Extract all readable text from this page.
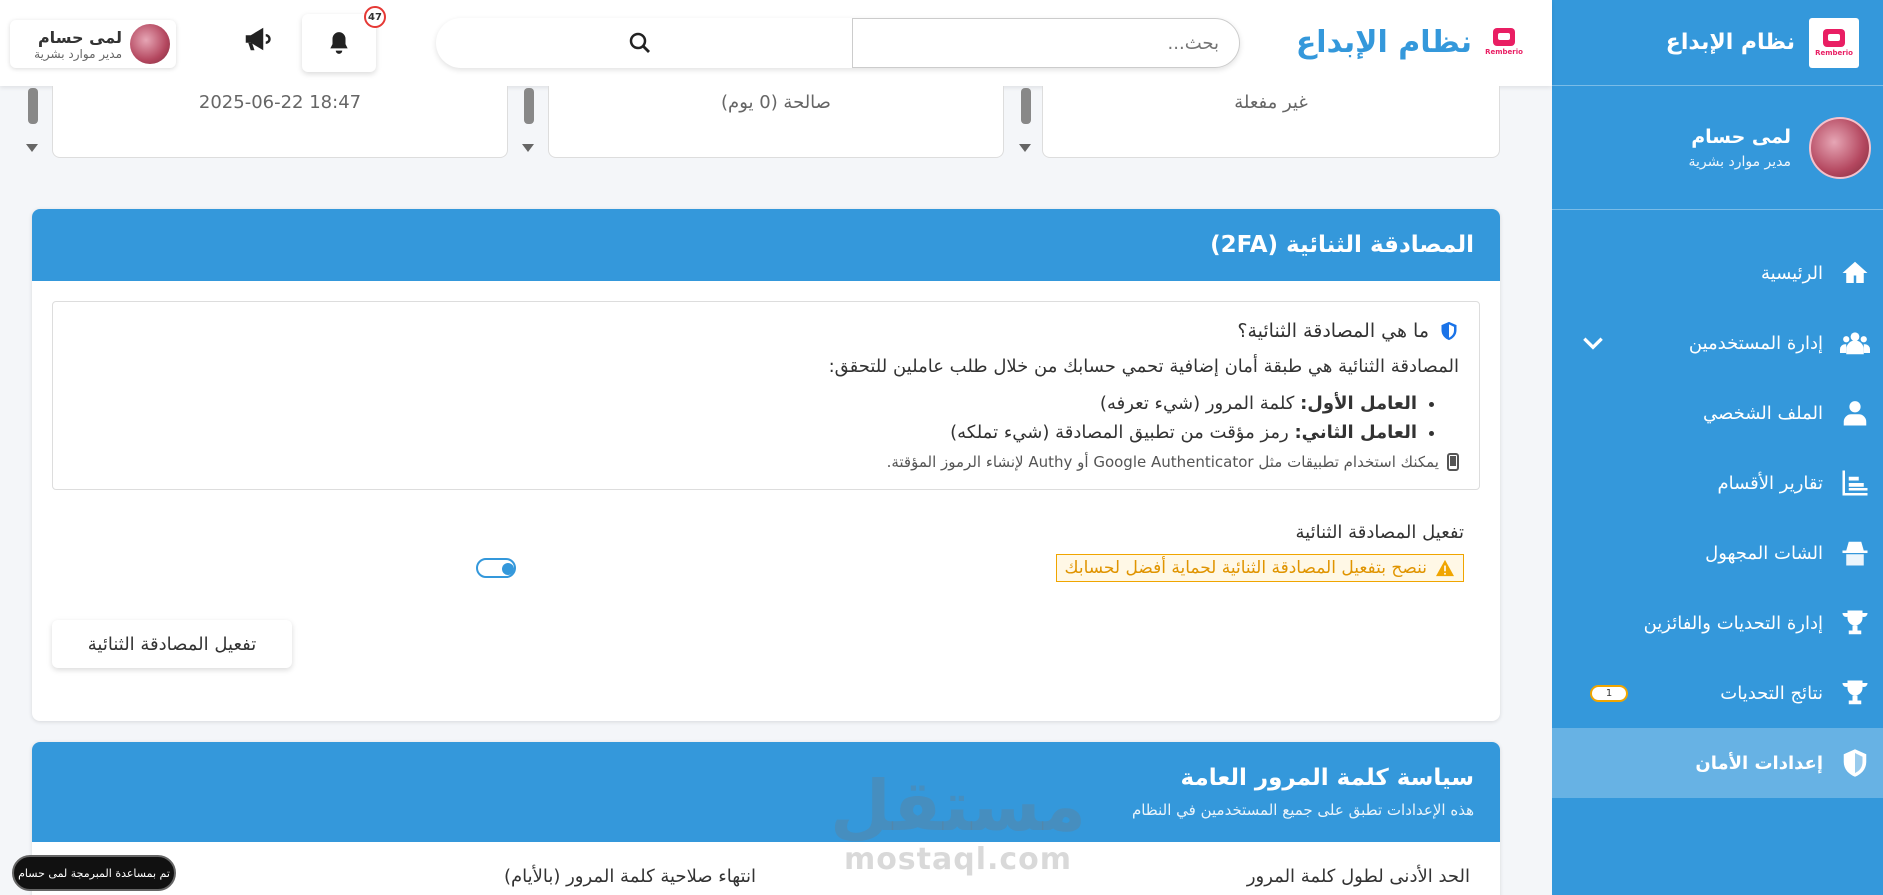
Remberio
نظام الإبداع
لمى حسام
مدير موارد بشرية
الرئيسية
إدارة المستخدمين
الملف الشخصي
تقارير الأقسام
الشات المجهول
إدارة التحديات والفائزين
نتائج التحديات
1
إعدادات الأمان
Remberio
نظام الإبداع
بحث...
47
لمى حسام
مدير موارد بشرية
غير مفعلة
صالحة (0 يوم)
18:47 2025-06-22
المصادقة الثنائية (2FA)
ما هي المصادقة الثنائية؟
المصادقة الثنائية هي طبقة أمان إضافية تحمي حسابك من خلال طلب عاملين للتحقق:
• العامل الأول: كلمة المرور (شيء تعرفه)
• العامل الثاني: رمز مؤقت من تطبيق المصادقة (شيء تملكه)
يمكنك استخدام تطبيقات مثل Google Authenticator أو Authy لإنشاء الرموز المؤقتة.
تفعيل المصادقة الثنائية
ننصح بتفعيل المصادقة الثنائية لحماية أفضل لحسابك
تفعيل المصادقة الثنائية
سياسة كلمة المرور العامة
هذه الإعدادات تطبق على جميع المستخدمين في النظام
الحد الأدنى لطول كلمة المرور
انتهاء صلاحية كلمة المرور (بالأيام)
مستقل
mostaql.com
تم بمساعدة المبرمجة لمى حسام
